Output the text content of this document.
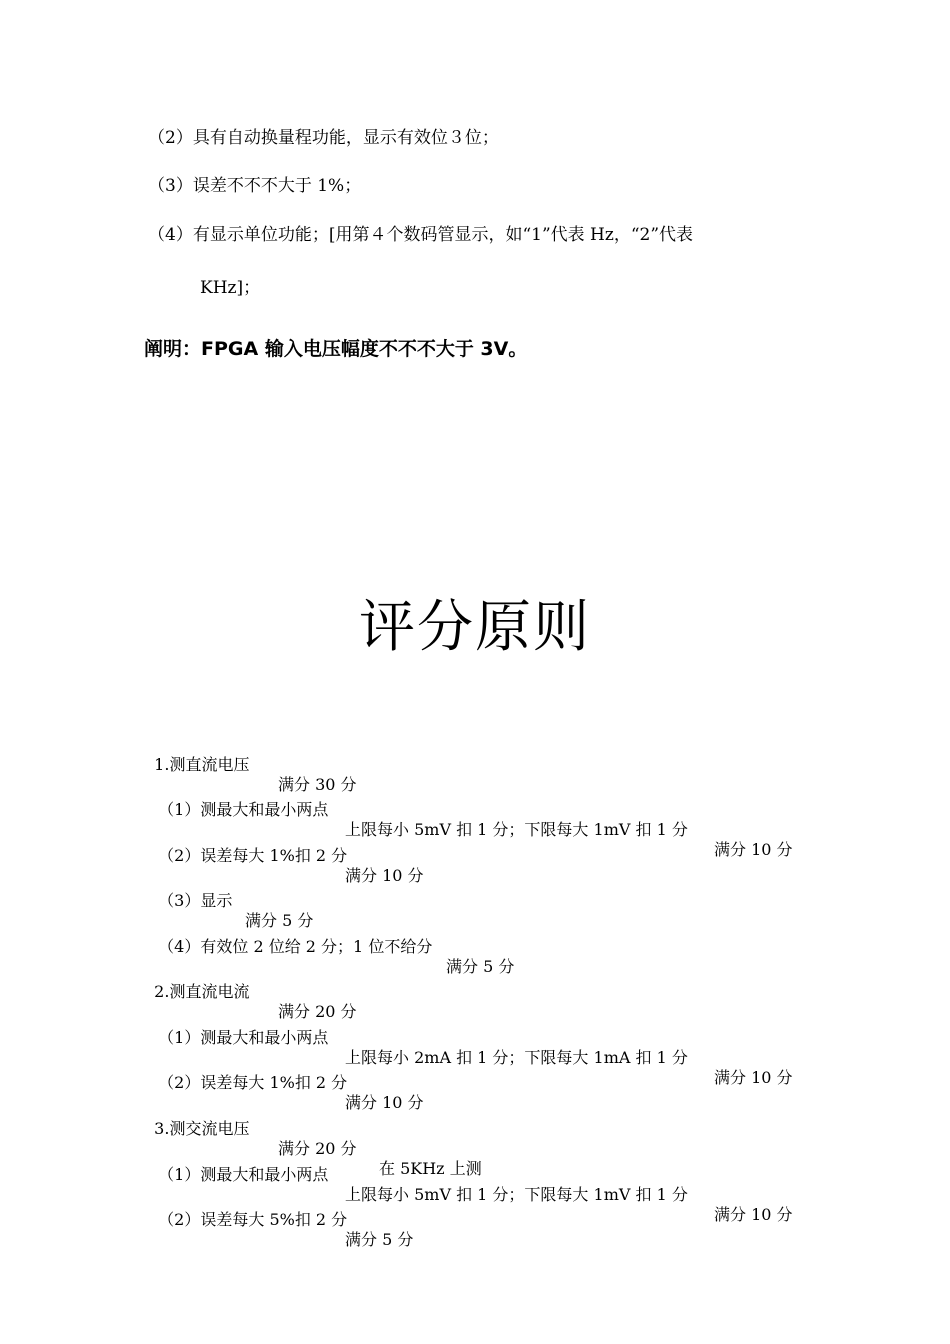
（2）具有自动换量程功能，显示有效位３位；
（3）误差不不不大于 1%；
（4）有显示单位功能；[用第４个数码管显示，如“1”代表 Hz，“2”代表
KHz]；
阐明：FPGA 输入电压幅度不不不大于 3V。
评分原则

1.测直流电压

满分 30 分

（1）测最大和最小两点

上限每小 5mV 扣 1 分；下限每大 1mV 扣 1 分

满分 10 分

（2）误差每大 1%扣 2 分

满分 10 分

（3）显示

满分 5 分

（4）有效位 2 位给 2 分；1 位不给分

满分 5 分

2.测直流电流

满分 20 分

（1）测最大和最小两点

上限每小 2mA 扣 1 分；下限每大 1mA 扣 1 分

满分 10 分

（2）误差每大 1%扣 2 分

满分 10 分

3.测交流电压

满分 20 分

在 5KHz 上测

（1）测最大和最小两点

上限每小 5mV 扣 1 分；下限每大 1mV 扣 1 分

满分 10 分

（2）误差每大 5%扣 2 分

满分 5 分
